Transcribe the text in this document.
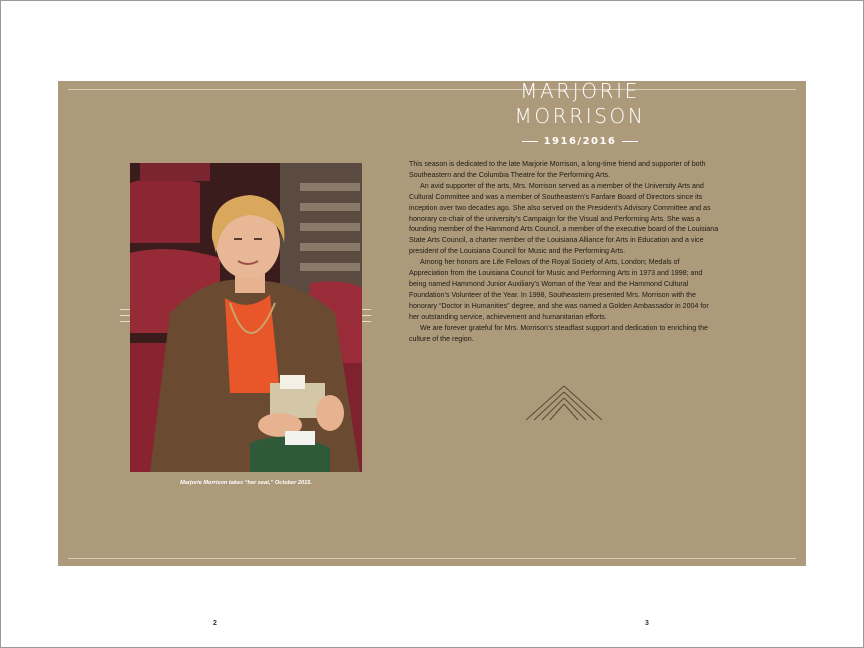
Marjorie Morrison takes “her seat,” October 2015.
MARJORIE
MORRISON
1916/2016

This season is dedicated to the late Marjorie Morrison, a long-time friend and supporter of both Southeastern and the Columbia Theatre for the Performing Arts.

An avid supporter of the arts, Mrs. Morrison served as a member of the University Arts and Cultural Committee and was a member of Southeastern’s Fanfare Board of Directors since its inception over two decades ago. She also served on the President’s Advisory Committee and as honorary co-chair of the university’s Campaign for the Visual and Performing Arts. She was a founding member of the Hammond Arts Council, a member of the executive board of the Louisiana State Arts Council, a charter member of the Louisiana Alliance for Arts in Education and a vice president of the Louisiana Council for Music and the Performing Arts.

Among her honors are Life Fellows of the Royal Society of Arts, London; Medals of Appreciation from the Louisiana Council for Music and Performing Arts in 1973 and 1998; and being named Hammond Junior Auxiliary’s Woman of the Year and the Hammond Cultural Foundation’s Volunteer of the Year. In 1998, Southeastern presented Mrs. Morrison with the honorary “Doctor in Humanities” degree, and she was named a Golden Ambassador in 2004 for her outstanding service, achievement and humanitarian efforts.

We are forever grateful for Mrs. Morrison’s steadfast support and dedication to enriching the culture of the region.

2	3
